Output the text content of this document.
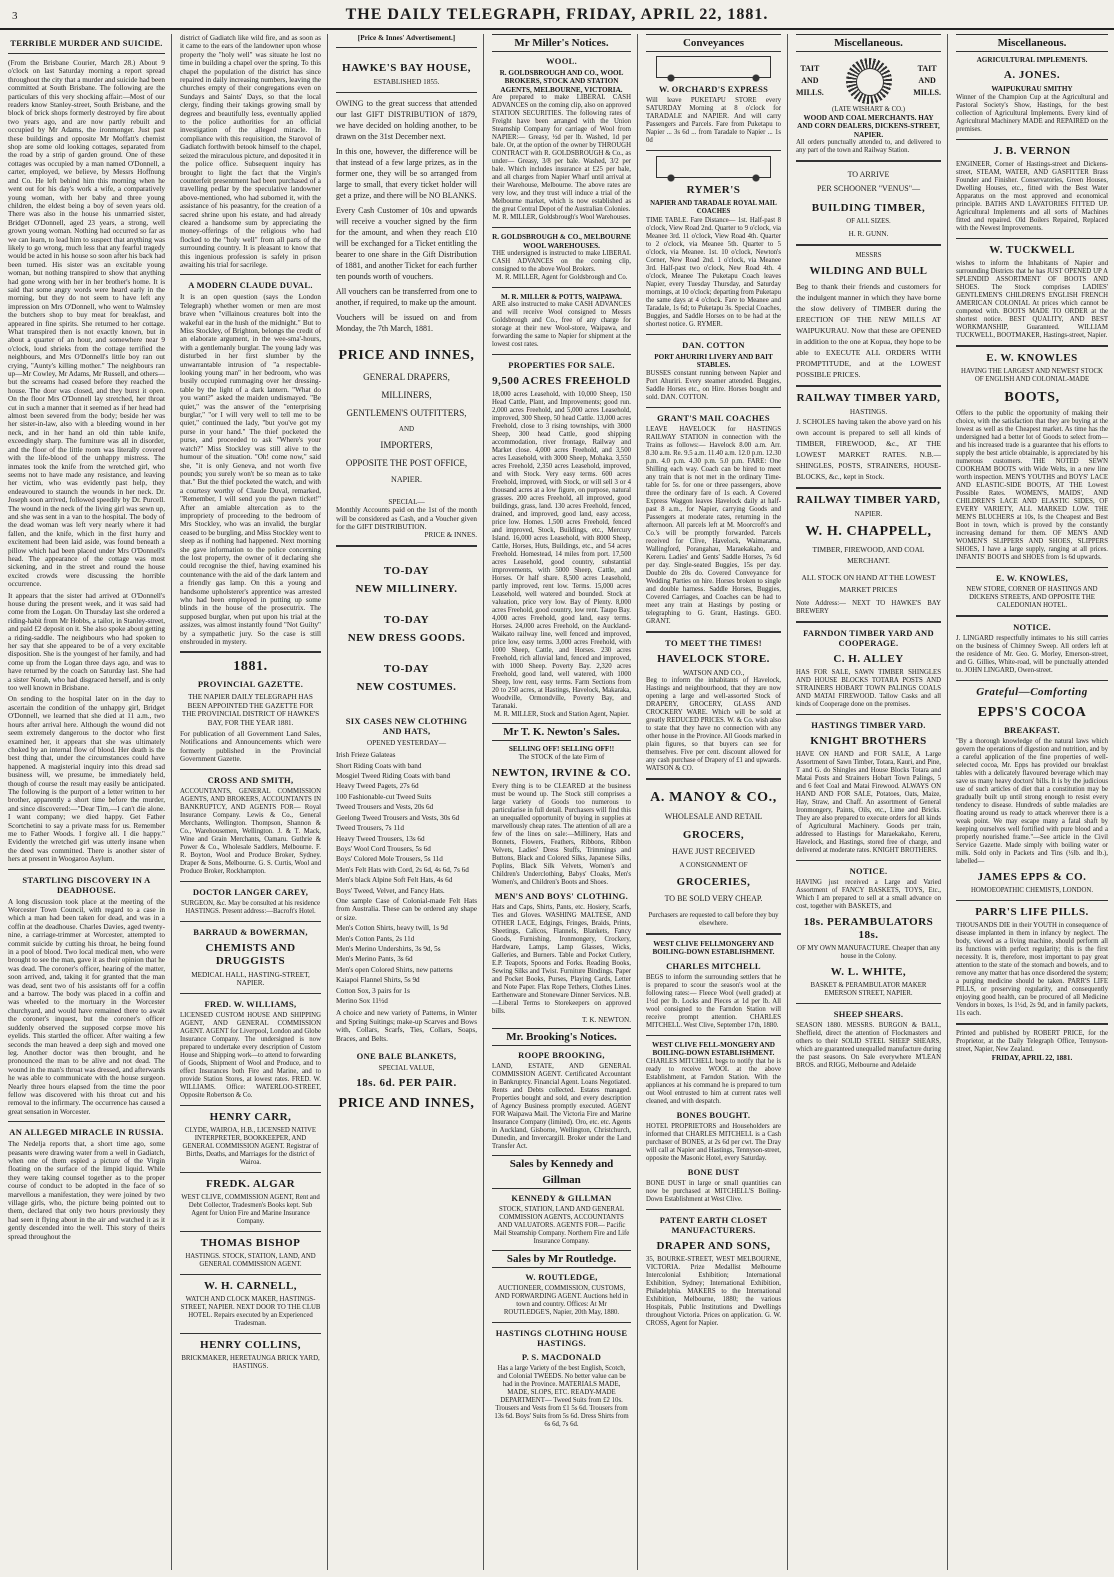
THE DAILY TELEGRAPH, FRIDAY, APRIL 22, 1881.
3
TERRIBLE MURDER AND SUICIDE.
(From the Brisbane Courier, March 28.) About 9 o'clock on last Saturday morning a report spread throughout the city that a murder and suicide had been committed at South Brisbane. The following are the particulars of this very shocking affair:—Most of our readers know Stanley-street, South Brisbane, and the block of brick shops formerly destroyed by fire about two years ago, and are now partly rebuilt and occupied by Mr Adams, the ironmonger. Just past these buildings and opposite Mr Moffatt's chemist shop are some old looking cottages, separated from the road by a strip of garden ground. One of these cottages was occupied by a man named O'Donnell, a carter, employed, we believe, by Messrs Hoffnung and Co. He left behind him this morning when he went out for his day's work a wife, a comparatively young woman, with her baby and three young children, the eldest being a boy of seven years old. There was also in the house his unmarried sister, Bridget O'Donnell, aged 23 years, a strong, well grown young woman. Nothing had occurred so far as we can learn, to lead him to suspect that anything was likely to go wrong, much less that any fearful tragedy would be acted in his house so soon after his back had been turned. His sister was an excitable young woman, but nothing transpired to show that anything had gone wrong with her in her brother's home. It is said that some angry words were heard early in the morning, but they do not seem to have left any impression on Mrs O'Donnell, who went to Walmsley the butchers shop to buy meat for breakfast, and appeared in fine spirits. She returned to her cottage. What transpired then is not exactly known, but in about a quarter of an hour, and somewhere near 9 o'clock, loud shrieks from the cottage terrified the neighbours, and Mrs O'Donnell's little boy ran out crying, "Aunty's killing mother." The neighbours ran up—Mr Cowley, Mr Adams, Mr Russell, and others—but the screams had ceased before they reached the house. The door was closed, and they burst it open. On the floor Mrs O'Donnell lay stretched, her throat cut in such a manner that it seemed as if her head had almost been severed from the body; beside her was her sister-in-law, also with a bleeding wound in her neck, and in her hand an old thin table knife, exceedingly sharp. The furniture was all in disorder, and the floor of the little room was literally covered with the life-blood of the unhappy mistress. The inmates took the knife from the wretched girl, who seems not to have made any resistance, and leaving her victim, who was evidently past help, they endeavoured to staunch the wounds in her neck. Dr. Joseph soon arrived, followed speedily by Dr. Purcell. The wound in the neck of the living girl was sewn up, and she was sent in a van to the hospital. The body of the dead woman was left very nearly where it had fallen, and the knife, which in the first hurry and excitement had been laid aside, was found beneath a pillow which had been placed under Mrs O'Donnell's head. The appearance of the cottage was most sickening, and in the street and round the house excited crowds were discussing the horrible occurrence.
It appears that the sister had arrived at O'Donnell's house during the present week, and it was said had come from the Logan. On Thursday last she ordered a riding-habit from Mr Hobbs, a tailor, in Stanley-street, and paid £2 deposit on it. She also spoke about getting a riding-saddle. The neighbours who had spoken to her say that she appeared to be of a very excitable disposition. She is the youngest of her family, and had come up from the Logan three days ago, and was to have returned by the coach on Saturday last. She had a sister Norah, who had disgraced herself, and is only too well known in Brisbane.
On sending to the hospital later on in the day to ascertain the condition of the unhappy girl, Bridget O'Donnell, we learned that she died at 11 a.m., two hours after arrival here. Although the wound did not seem extremely dangerous to the doctor who first examined her, it appears that she was ultimately choked by an internal flow of blood. Her death is the best thing that, under the circumstances could have happened. A magisterial inquiry into this dread sad business will, we presume, be immediately held, though of course the result may easily be anticipated. The following is the purport of a letter written to her brother, apparently a short time before the murder, and since discovered:—"Dear Tim,—I can't die alone. I want company; we died happy. Get Father Scortchetini to say a private mass for us. Remember me to Father Woods. I forgive all. I die happy." Evidently the wretched girl was utterly insane when the deed was committed. There is another sister of hers at present in Woogaroo Asylum.
STARTLING DISCOVERY IN A DEADHOUSE.
A long discussion took place at the meeting of the Worcester Town Council, with regard to a case in which a man had been taken for dead, and was in a coffin at the deadhouse. Charles Davies, aged twenty-nine, a carriage-trimmer at Worcester, attempted to commit suicide by cutting his throat, he being found in a pool of blood. Two local medical men, who were brought to see the man, gave it as their opinion that he was dead. The coroner's officer, hearing of the matter, soon arrived, and, taking it for granted that the man was dead, sent two of his assistants off for a coffin and a barrow. The body was placed in a coffin and was wheeled to the mortuary in the Worcester churchyard, and would have remained there to await the coroner's inquest, but the coroner's officer suddenly observed the supposed corpse move his eyelids. This startled the officer. After waiting a few seconds the man heaved a deep sigh and moved one leg. Another doctor was then brought, and he pronounced the man to be alive and not dead. The wound in the man's throat was dressed, and afterwards he was able to communicate with the house surgeon. Nearly three hours elapsed from the time the poor fellow was discovered with his throat cut and his removal to the infirmary. The occurrence has caused a great sensation in Worcester.
AN ALLEGED MIRACLE IN RUSSIA.
The Nedelja reports that, a short time ago, some peasants were drawing water from a well in Gadiatch, when one of them espied a picture of the Virgin floating on the surface of the limpid liquid. While they were taking counsel together as to the proper course of conduct to be adopted in the face of so marvellous a manifestation, they were joined by two village girls, who, the picture being pointed out to them, declared that only two hours previously they had seen it flying about in the air and watched it as it gently descended into the well. This story of theirs spread throughout the
district of Gadiatch like wild fire, and as soon as it came to the ears of the landowner upon whose property the "holy well" was situate he lost no time in building a chapel over the spring. To this chapel the population of the district has since repaired in daily increasing numbers, leaving the churches empty of their congregations even on Sundays and Saints' Days, so that the local clergy, finding their takings growing small by degrees and beautifully less, eventually applied to the police authorities for an official investigation of the alleged miracle. In compliance with this requisition, the Starovol of Gadiatch forthwith betook himself to the chapel, seized the miraculous picture, and deposited it in the police office. Subsequent inquiry has brought to light the fact that the Virgin's counterfeit presentment had been purchased of a travelling pedlar by the speculative landowner above-mentioned, who had suborned it, with the assistance of his peasantry, for the creation of a sacred shrine upon his estate, and had already cleared a handsome sum by appreciating the money-offerings of the religious who had flocked to the "holy well" from all parts of the surrounding country. It is pleasant to know that this ingenious profession is safely in prison awaiting his trial for sacrilege.
A MODERN CLAUDE DUVAL.
It is an open question (says the London Telegraph) whether women or men are most brave when "villainous creatures bolt into the wakeful ear in the hush of the midnight." But to Miss Stockley, of Brighton, belongs the credit of an elaborate argument, in the wee-sma'-hours, with a gentlemanly burglar. The young lady was disturbed in her first slumber by the unwarrantable intrusion of "a respectable-looking young man" in her bedroom, who was busily occupied rummaging over her dressing-table by the light of a dark lantern. "What do you want?" asked the maiden undismayed. "Be quiet," was the answer of the "enterprising burglar," "or I will very well to tell me to be quiet," continued the lady, "but you've got my purse in your hand." The thief pocketed the purse, and proceeded to ask "Where's your watch?" Miss Stockley was still alive to the humour of the situation. "Oh! come now," said she, "it is only Geneva, and not worth five pounds; you surely won't be so mean as to take that." But the thief pocketed the watch, and with a courtesy worthy of Claude Duval, remarked, "Remember, I will send you the pawn ticket!" After an amiable altercation as to the impropriety of proceeding to the bedroom of Mrs Stockley, who was an invalid, the burglar ceased to be burgling, and Miss Stockley went to sleep as if nothing had happened. Next morning she gave information to the police concerning the lost property, the owner of it declaring she could recognise the thief, having examined his countenance with the aid of the dark lantern and a friendly gas lamp. On this a young and handsome upholsterer's apprentice was arrested who had been employed in putting up some blinds in the house of the prosecutrix. The supposed burglar, when put upon his trial at the assizes, was almost instantly found "Not Guilty" by a sympathetic jury. So the case is still enshrouded in mystery.
1881.
PROVINCIAL GAZETTE.
THE NAPIER DAILY TELEGRAPH HAS BEEN APPOINTED THE GAZETTE FOR THE PROVINCIAL DISTRICT OF HAWKE'S BAY, FOR THE YEAR 1881.
For publication of all Government Land Sales, Notifications and Announcements which were formerly published in the Provincial Government Gazette.
CROSS AND SMITH,
ACCOUNTANTS, GENERAL COMMISSION AGENTS, AND BROKERS, ACCOUNTANTS IN BANKRUPTCY, AND AGENTS FOR— Royal Insurance Company. Lewis & Co., General Merchants, Wellington. Thompson, Shannon & Co., Warehousemen, Wellington. J. & T. Mack, Wine and Grain Merchants, Oamaru. Guthrie & Power & Co., Wholesale Saddlers, Melbourne. F. R. Boyton, Wool and Produce Broker, Sydney. Draper & Sons, Melbourne. G. S. Curtis, Wool and Produce Broker, Rockhampton.
DOCTOR LANGER CAREY,
SURGEON, &c. May be consulted at his residence HASTINGS. Present address:—Bacroft's Hotel.
BARRAUD & BOWERMAN,
CHEMISTS AND DRUGGISTS
MEDICAL HALL, HASTING-STREET, NAPIER.
FRED. W. WILLIAMS,
LICENSED CUSTOM HOUSE AND SHIPPING AGENT, AND GENERAL COMMISSION AGENT. AGENT for Liverpool, London and Globe Insurance Company. The undersigned is now prepared to undertake every description of Custom House and Shipping work—to attend to forwarding of Goods, Shipment of Wool and Produce, and to effect Insurances both Fire and Marine, and to provide Station Stores, at lowest rates. FRED. W. WILLIAMS. Office: WATERLOO-STREET, Opposite Robertson & Co.
HENRY CARR,
CLYDE, WAIROA, H.B., LICENSED NATIVE INTERPRETER, BOOKKEEPER, AND GENERAL COMMISSION AGENT. Registrar of Births, Deaths, and Marriages for the district of Wairoa.
FREDK. ALGAR
WEST CLIVE, COMMISSION AGENT, Rent and Debt Collector, Tradesmen's Books kept. Sub Agent for Union Fire and Marine Insurance Company.
THOMAS BISHOP
HASTINGS. STOCK, STATION, LAND, AND GENERAL COMMISSION AGENT.
W. H. CARNELL,
WATCH AND CLOCK MAKER, HASTINGS-STREET, NAPIER. NEXT DOOR TO THE CLUB HOTEL. Repairs executed by an Experienced Tradesman.
HENRY COLLINS,
BRICKMAKER, HERETAUNGA BRICK YARD, HASTINGS.
[Price & Innes' Advertisement.]
HAWKE'S BAY HOUSE,
ESTABLISHED 1855.
OWING to the great success that attended our last GIFT DISTRIBUTION of 1879, we have decided on holding another, to be drawn on the 31st December next.
In this one, however, the difference will be that instead of a few large prizes, as in the former one, they will be so arranged from large to small, that every ticket holder will get a prize, and there will be NO BLANKS.
Every Cash Customer of 10s and upwards will receive a voucher signed by the firm for the amount, and when they reach £10 will be exchanged for a Ticket entitling the bearer to one share in the Gift Distribution of 1881, and another Ticket for each further ten pounds worth of vouchers.
All vouchers can be transferred from one to another, if required, to make up the amount.
Vouchers will be issued on and from Monday, the 7th March, 1881.
PRICE AND INNES,
GENERAL DRAPERS,
MILLINERS,
GENTLEMEN'S OUTFITTERS,
AND
IMPORTERS,
OPPOSITE THE POST OFFICE,
NAPIER.
SPECIAL—
Monthly Accounts paid on the 1st of the month will be considered as Cash, and a Voucher given for the GIFT DISTRIBUTION.
PRICE & INNES.
TO-DAY
NEW MILLINERY.
TO-DAY
NEW DRESS GOODS.
TO-DAY
NEW COSTUMES.
SIX CASES NEW CLOTHING AND HATS,
OPENED YESTERDAY—
Irish Frieze Galateas
Short Riding Coats with band
Mosgiel Tweed Riding Coats with band
Heavy Tweed Pagets, 27s 6d
100 Fashionable-cut Tweed Suits
Tweed Trousers and Vests, 20s 6d
Geelong Tweed Trousers and Vests, 30s 6d
Tweed Trousers, 7s 11d
Heavy Tweed Trousers, 13s 6d
Boys' Wool Cord Trousers, 5s 6d
Boys' Colored Mole Trousers, 5s 11d
Men's Felt Hats with Cord, 2s 6d, 4s 6d, 7s 6d
Men's black Alpine Soft Felt Hats, 4s 6d
Boys' Tweed, Velvet, and Fancy Hats.
One sample Case of Colonial-made Felt Hats from Australia. These can be ordered any shape or size.
Men's Cotton Shirts, heavy twill, 1s 9d
Men's Cotton Pants, 2s 11d
Men's Merino Undershirts, 3s 9d, 5s
Men's Merino Pants, 3s 6d
Men's open Colored Shirts, new patterns
Kaiapoi Flannel Shirts, 5s 9d
Cotton Sox, 3 pairs for 1s
Merino Sox 11½d
A choice and new variety of Patterns, in Winter and Spring Suitings; make-up Scarves and Bows with, Collars, Scarfs, Ties, Collars, Soaps, Braces, and Belts.
ONE BALE BLANKETS,
SPECIAL VALUE,
18s. 6d. PER PAIR.
PRICE AND INNES,
Mr Miller's Notices.
WOOL.
R. GOLDSBROUGH AND CO., WOOL BROKERS, STOCK AND STATION AGENTS, MELBOURNE, VICTORIA.
Are prepared to make LIBERAL CASH ADVANCES on the coming clip, also on approved STATION SECURITIES. The following rates of Freight have been arranged with the Union Steamship Company for carriage of Wool from NAPIER:— Greasy, ½d per lb. Washed, 1d per bale. Or, at the option of the owner by THROUGH CONTRACT with R. GOLDSBROUGH & Co., as under— Greasy, 3/8 per bale. Washed, 3/2 per bale. Which includes insurance at £25 per bale, and all charges from Napier Wharf until arrival at their Warehouse, Melbourne. The above rates are very low, and they trust will induce a trial of the Melbourne market, which is now established as the great Central Depot of the Australian Colonies.
M. R. MILLER, Goldsbrough's Wool Warehouses.
R. GOLDSBROUGH & CO., MELBOURNE WOOL WAREHOUSES.
THE undersigned is instructed to make LIBERAL CASH ADVANCES on the coming clip, consigned to the above Wool Brokers.
M. R. MILLER, Agent for Goldsbrough and Co.
M. R. MILLER & POTTS, WAIPAWA.
ARE also instructed to make CASH ADVANCES and will receive Wool consigned to Messrs Goldsbrough and Co., free of any charge for storage at their new Wool-store, Waipawa, and forwarding the same to Napier for shipment at the lowest cost rates.
PROPERTIES FOR SALE.
9,500 ACRES FREEHOLD
18,000 acres Leasehold, with 10,000 Sheep, 150 Head Cattle, Plant, and Improvements; good run. 2,000 acres Freehold, and 5,000 acres Leasehold, improved, 300 Sheep, 50 head Cattle. 13,000 acres Freehold, close to 3 rising townships, with 3000 Sheep, 300 head Cattle, good shipping accommodation, river frontage, Railway and Market close. 4,000 acres Freehold, and 3,500 acres Leasehold, with 3000 Sheep, Mohaka. 3,550 acres Freehold, 2,350 acres Leasehold, improved, and with Stock. Very easy terms. 600 acres Freehold, improved, with Stock, or will sell 3 or 4 thousand acres at a low figure, on purpose, natural grasses. 200 acres Freehold, all improved, good buildings, grass, land. 130 acres Freehold, fenced, drained, and improved, good land, easy access, price low. Homes. 1,500 acres Freehold, fenced and improved, Stock, Buildings, etc., Mercury Island. 16,000 acres Leasehold, with 8000 Sheep, Cattle, Horses, Huts, Buildings, etc., and 54 acres Freehold. Homestead, 14 miles from port. 17,500 acres Leasehold, good country, substantial improvements, with 5000 Sheep, Cattle, and Horses. Or half share. 8,500 acres Leasehold, partly improved, rent low. Terms. 15,000 acres Leasehold, well watered and bounded. Stock at valuation, price very low. Bay of Plenty. 8,000 acres Freehold, good country, low rent. Taupo Bay. 4,000 acres Freehold, good land, easy terms. Horses. 24,000 acres Freehold, on the Auckland-Waikato railway line, well fenced and improved, price low, easy terms. 3,000 acres Freehold, with 1000 Sheep, Cattle, and Horses. 230 acres Freehold, rich alluvial land, fenced and improved, with 1000 Sheep. Poverty Bay. 2,320 acres Freehold, good land, well watered, with 1000 Sheep, low rent, easy terms. Farm Sections from 20 to 250 acres, at Hastings, Havelock, Makaraka, Woodville, Ormondville, Poverty Bay, and Taranaki.
M. R. MILLER, Stock and Station Agent, Napier.
Mr T. K. Newton's Sales.
SELLING OFF! SELLING OFF!!
The STOCK of the late Firm of
NEWTON, IRVINE & CO.
Every thing is to be CLEARED at the business must be wound up. The Stock still comprises a large variety of Goods too numerous to particularise in full detail. Purchasers will find this an unequalled opportunity of buying in supplies at marvellously cheap rates. The attention of all are a few of the lines on sale:—Millinery, Hats and Bonnets, Flowers, Feathers, Ribbons, Ribbon Velvets, Ladies' Dress Stuffs, Trimmings and Buttons, Black and Colored Silks, Japanese Silks, Poplins, Black Silk Velvets, Women's and Children's Underclothing, Babys' Cloaks, Men's Women's, and Children's Boots and Shoes.
MEN'S AND BOYS' CLOTHING.
Hats and Caps, Shirts, Pants, etc. Hosiery, Scarfs, Ties and Gloves. WASHING MALTESE, AND OTHER LACE, Edgings, Fringes, Braids, Prints, Sheetings, Calicos, Flannels, Blankets, Fancy Goods, Furnishing, Ironmongery, Crockery, Hardware, Lamps, Lamp Glasses, Wicks, Galleries, and Burners. Table and Pocket Cutlery, E.P. Teapots, Spoons and Forks. Reading Books, Sewing Silks and Twist. Furniture Bindings. Paper and Pocket Books, Purses, Playing Cards, Letter and Note Paper. Flax Rope Tethers, Clothes Lines. Earthenware and Stoneware Dinner Services. N.B.—Liberal Terms to Storekeepers on approved bills.
T. K. NEWTON.
Mr. Brooking's Notices.
ROOPE BROOKING,
LAND, ESTATE, AND GENERAL COMMISSION AGENT. Certificated Accountant in Bankruptcy. Financial Agent. Loans Negotiated. Rents and Debts collected. Estates managed. Properties bought and sold, and every description of Agency Business promptly executed. AGENT FOR Waipawa Mail. The Victoria Fire and Marine Insurance Company (limited). Oro, etc. etc. Agents in Auckland, Gisborne, Wellington, Christchurch, Dunedin, and Invercargill. Broker under the Land Transfer Act.
Sales by Kennedy and Gillman
KENNEDY & GILLMAN
STOCK, STATION, LAND AND GENERAL COMMISSION AGENTS, ACCOUNTANTS AND VALUATORS. AGENTS FOR— Pacific Mail Steamship Company. Northern Fire and Life Insurance Company.
Sales by Mr Routledge.
W. ROUTLEDGE,
AUCTIONEER, COMMISSION, CUSTOMS, AND FORWARDING AGENT. Auctions held in town and country. Offices: At Mr ROUTLEDGE'S, Napier, 20th May, 1880.
HASTINGS CLOTHING HOUSE HASTINGS.
P. S. MACDONALD
Has a large Variety of the best English, Scotch, and Colonial TWEEDS. No better value can be had in the Province. MATERIALS MADE, MADE, SLOPS, ETC. READY-MADE DEPARTMENT— Tweed Suits from £2 10s. Trousers and Vests from £1 5s 6d. Trousers from 13s 6d. Boys' Suits from 5s 6d. Dress Shirts from 6s 6d, 7s 6d.
Conveyances
W. ORCHARD'S EXPRESS
Will leave PUKETAPU STORE every SATURDAY Morning at 8 o'clock for TARADALE and NAPIER. And will carry Passengers and Parcels. Fare from Puketapu to Napier ... 3s 6d ... from Taradale to Napier ... 1s 0d
RYMER'S
NAPIER AND TARADALE ROYAL MAIL COACHES
TIME TABLE. Fare Distance— 1st. Half-past 8 o'clock, View Road 2nd. Quarter to 9 o'clock, via Meanee 3rd. 11 o'clock, View Road 4th. Quarter to 2 o'clock, via Meanee 5th. Quarter to 5 o'clock, via Meanee. 1st. 10 o'clock, Newton's Corner, New Road 2nd. 1 o'clock, via Meanee 3rd. Half-past two o'clock, New Road 4th. 4 o'clock, Meanee The Puketapu Coach leaves Napier, every Tuesday Thursday, and Saturday mornings, at 10 o'clock; departing from Puketapu the same days at 4 o'clock. Fare to Meanee and Taradale, 1s 6d; to Puketapu 3s. Special Coaches, Buggies, and Saddle Horses on to be had at the shortest notice. G. RYMER.
DAN. COTTON
PORT AHURIRI LIVERY AND BAIT STABLES.
BUSSES constant running between Napier and Port Ahuriri. Every steamer attended. Buggies, Saddle Horses etc., on Hire. Horses bought and sold. DAN. COTTON.
GRANT'S MAIL COACHES
LEAVE HAVELOCK for HASTINGS RAILWAY STATION in connection with the Trains as follows:— Havelock 8.00 a.m. Arr. 8.30 a.m. Re. 9.5 a.m. 11.40 a.m. 12.0 p.m. 12.30 p.m. 4.0 p.m. 4.30 p.m. 5.0 p.m. FARE: One Shilling each way. Coach can be hired to meet any train that is not met in the ordinary Time-table for 5s. for one or three passengers, above three the ordinary fare of 1s each. A Covered Express Waggon leaves Havelock daily at half-past 8 a.m., for Napier, carrying Goods and Passengers at moderate rates, returning in the afternoon. All parcels left at M. Moorcroft's and Co.'s will be promptly forwarded. Parcels received for Clive, Havelock, Waimarama, Wallingford, Porangahau, Maraekakaho, and Kereru. Ladies' and Gents' Saddle Horses, 7s 6d per day. Single-seated Buggies, 15s per day. Double do 20s do. Covered Conveyance for Wedding Parties on hire. Horses broken to single and double harness. Saddle Horses, Buggies, Covered Carriages, and Coaches can be had to meet any train at Hastings by posting or telegraphing to G. Grant, Hastings. GEO. GRANT.
TO MEET THE TIMES!
HAVELOCK STORE.
WATSON AND CO.,
Beg to inform the inhabitants of Havelock, Hastings and neighbourhood, that they are now opening a large and well-assorted Stock of DRAPERY, GROCERY, GLASS AND CROCKERY WARE. Which will be sold at greatly REDUCED PRICES. W. & Co. wish also to state that they have no connection with any other house in the Province. All Goods marked in plain figures, so that buyers can see for themselves. Five per cent. discount allowed for any cash purchase of Drapery of £1 and upwards. WATSON & CO.
A. MANOY & CO.,
WHOLESALE AND RETAIL
GROCERS,
HAVE JUST RECEIVED
A CONSIGNMENT OF
GROCERIES,
TO BE SOLD VERY CHEAP.
Purchasers are requested to call before they buy elsewhere.
WEST CLIVE FELLMONGERY AND BOILING-DOWN ESTABLISHMENT.
CHARLES MITCHELL
BEGS to inform the surrounding settlers that he is prepared to scour the season's wool at the following rates:— Fleece Wool (well graded) at 1½d per lb. Locks and Pieces at 1d per lb. All wool consigned to the Farndon Station will receive prompt attention. CHARLES MITCHELL. West Clive, September 17th, 1880.
WEST CLIVE FELL-MONGERY AND BOILING-DOWN ESTABLISHMENT.
CHARLES MITCHELL begs to notify that he is ready to receive WOOL at the above Establishment, at Farndon Station. With the appliances at his command he is prepared to turn out Wool entrusted to him at current rates well cleaned, and with despatch.
BONES BOUGHT.
HOTEL PROPRIETORS and Householders are informed that CHARLES MITCHELL is a Cash purchaser of BONES, at 2s 6d per cwt. The Dray will call at Napier and Hastings, Tennyson-street, opposite the Masonic Hotel, every Saturday.
BONE DUST
BONE DUST in large or small quantities can now be purchased at MITCHELL'S Boiling-Down Establishment at West Clive.
PATENT EARTH CLOSET MANUFACTURERS.
DRAPER AND SONS,
35, BOURKE-STREET, WEST MELBOURNE, VICTORIA. Prize Medallist Melbourne Intercolonial Exhibition; International Exhibition, Sydney; International Exhibition, Philadelphia. MAKERS to the International Exhibition, Melbourne, 1880; the various Hospitals, Public Institutions and Dwellings throughout Victoria. Prices on application. G. W. CROSS, Agent for Napier.
Miscellaneous.
TAIT
AND
MILLS.
TAIT
AND
MILLS.
(LATE WISHART & CO.)
WOOD AND COAL MERCHANTS. HAY AND CORN DEALERS, DICKENS-STREET, NAPIER.
All orders punctually attended to, and delivered to any part of the town and Railway Station.
TO ARRIVE
PER SCHOONER "VENUS"—
BUILDING TIMBER,
OF ALL SIZES.
H. R. GUNN.
MESSRS
WILDING AND BULL
Beg to thank their friends and customers for the indulgent manner in which they have borne the slow delivery of TIMBER during the ERECTION OF THE NEW MILLS AT WAIPUKURAU. Now that these are OPENED in addition to the one at Kopua, they hope to be able to EXECUTE ALL ORDERS WITH PROMPTITUDE, and at the LOWEST POSSIBLE PRICES.
RAILWAY TIMBER YARD,
HASTINGS.
J. SCHOLES having taken the above yard on his own account is prepared to sell all kinds of TIMBER, FIREWOOD, &c., AT THE LOWEST MARKET RATES. N.B.—SHINGLES, POSTS, STRAINERS, HOUSE-BLOCKS, &c., kept in Stock.
RAILWAY TIMBER YARD,
NAPIER.
W. H. CHAPPELL,
TIMBER, FIREWOOD, AND COAL MERCHANT.
ALL STOCK ON HAND AT THE LOWEST MARKET PRICES
Note Address:— NEXT TO HAWKE'S BAY BREWERY
FARNDON TIMBER YARD AND COOPERAGE.
C. H. ALLEY
HAS FOR SALE, SAWN TIMBER SHINGLES AND HOUSE BLOCKS TOTARA POSTS AND STRAINERS HOBART TOWN PALINGS COALS AND MATAI FIREWOOD. Tallow Casks and all kinds of Cooperage done on the premises.
HASTINGS TIMBER YARD.
KNIGHT BROTHERS
HAVE ON HAND and FOR SALE, A Large Assortment of Sawn Timber, Totara, Kauri, and Pine, T and G. do Shingles and House Blocks Totara and Matai Posts and Strainers Hobart Town Palings, 5 and 6 feet Coal and Matai Firewood. ALWAYS ON HAND AND FOR SALE, Potatoes, Oats, Maize, Hay, Straw, and Chaff. An assortment of General Ironmongery, Paints, Oils, etc., Lime and Bricks. They are also prepared to execute orders for all kinds of Agricultural Machinery. Goods per train, addressed to Hastings for Maraekakaho, Kereru, Havelock, and Hastings, stored free of charge, and delivered at moderate rates. KNIGHT BROTHERS.
NOTICE.
HAVING just received a Large and Varied Assortment of FANCY BASKETS, TOYS, Etc., Which I am prepared to sell at a small advance on cost, together with BASKETS, and
18s. PERAMBULATORS 18s.
OF MY OWN MANUFACTURE. Cheaper than any house in the Colony.
W. L. WHITE,
BASKET & PERAMBULATOR MAKER EMERSON STREET, NAPIER.
SHEEP SHEARS.
SEASON 1880. MESSRS. BURGON & BALL, Sheffield, direct the attention of Flockmasters and others to their SOLID STEEL SHEEP SHEARS, which are guaranteed unequalled manufacture during the past seasons. On Sale everywhere M'LEAN BROS. and RIGG, Melbourne and Adelaide
Miscellaneous.
AGRICULTURAL IMPLEMENTS.
A. JONES.
WAIPUKURAU SMITHY
Winner of the Champion Cup at the Agricultural and Pastoral Society's Show, Hastings, for the best collection of Agricultural Implements. Every kind of Agricultural Machinery MADE and REPAIRED on the premises.
J. B. VERNON
ENGINEER, Corner of Hastings-street and Dickens-street, STEAM, WATER, AND GASFITTER Brass Founder and Finisher. Conservatories, Green Houses, Dwelling Houses, etc., fitted with the Best Water Apparatus on the most approved and economical principle. BATHS AND LAVATORIES FITTED UP. Agricultural Implements and all sorts of Machines fitted and repaired. Old Boilers Repaired, Replaced with the Newest Improvements.
W. TUCKWELL
wishes to inform the Inhabitants of Napier and surrounding Districts that he has JUST OPENED UP A SPLENDID ASSORTMENT OF BOOTS AND SHOES. The Stock comprises LADIES' GENTLEMEN'S CHILDREN'S ENGLISH FRENCH AMERICAN COLONIAL At prices which cannot be competed with. BOOTS MADE TO ORDER at the shortest notice. BEST QUALITY, AND BEST WORKMANSHIP, Guaranteed. WILLIAM TUCKWELL, BOOTMAKER, Hastings-street, Napier.
E. W. KNOWLES
HAVING THE LARGEST AND NEWEST STOCK OF ENGLISH AND COLONIAL-MADE
BOOTS,
Offers to the public the opportunity of making their choice, with the satisfaction that they are buying at the lowest as well as the Cheapest market. As time has the undersigned had a better lot of Goods to select from—and his increased trade is a guarantee that his efforts to supply the best article obtainable, is appreciated by his numerous customers. THE NOTED SEWN COOKHAM BOOTS with Wide Welts, in a new line worth inspection. MEN'S YOUTHS and BOYS' LACE AND ELASTIC-SIDE BOOTS, AT THE Lowest Possible Rates. WOMEN'S, MAIDS', AND CHILDREN'S LACE AND ELASTIC SIDES, OF EVERY VARIETY, ALL MARKED LOW. THE MEN'S BLUCHERS at 10s, Is the Cheapest and Best Boot in town, which is proved by the constantly increasing demand for them. OF MEN'S AND WOMEN'S SLIPPERS AND SHOES, SLIPPERS SHOES, I have a large supply, ranging at all prices. INFANTS' BOOTS and SHOES from 1s 6d upwards.
E. W. KNOWLES,
NEW STORE, CORNER OF HASTINGS AND DICKENS STREETS, AND OPPOSITE THE CALEDONIAN HOTEL.
NOTICE.
J. LINGARD respectfully intimates to his still carries on the business of Chimney Sweep. All orders left at the residence of Mr. Geo. G. Morley, Emerson-street, and G. Gillies, White-road, will be punctually attended to. JOHN LINGARD, Owen-street.
Grateful—Comforting
EPPS'S COCOA
BREAKFAST.
"By a thorough knowledge of the natural laws which govern the operations of digestion and nutrition, and by a careful application of the fine properties of well-selected cocoa, Mr. Epps has provided our breakfast tables with a delicately flavoured beverage which may save us many heavy doctors' bills. It is by the judicious use of such articles of diet that a constitution may be gradually built up until strong enough to resist every tendency to disease. Hundreds of subtle maladies are floating around us ready to attack wherever there is a weak point. We may escape many a fatal shaft by keeping ourselves well fortified with pure blood and a properly nourished frame."—See article in the Civil Service Gazette. Made simply with boiling water or milk. Sold only in Packets and Tins (½lb. and lb.), labelled—
JAMES EPPS & CO.
HOMOEOPATHIC CHEMISTS, LONDON.
PARR'S LIFE PILLS.
THOUSANDS DIE in their YOUTH in consequence of disease implanted in them in infancy by neglect. The body, viewed as a living machine, should perform all its functions with perfect regularity; this is the first necessity. It is, therefore, most important to pay great attention to the state of the stomach and bowels, and to remove any matter that has once disordered the system; a purging medicine should be taken. PARR'S LIFE PILLS, or preserving regularity, and consequently enjoying good health, can be procured of all Medicine Vendors in boxes, 1s 1½d, 2s 9d, and in family packets, 11s each.
Printed and published by ROBERT PRICE, for the Proprietor, at the Daily Telegraph Office, Tennyson-street, Napier, New Zealand.
FRIDAY, APRIL 22, 1881.
